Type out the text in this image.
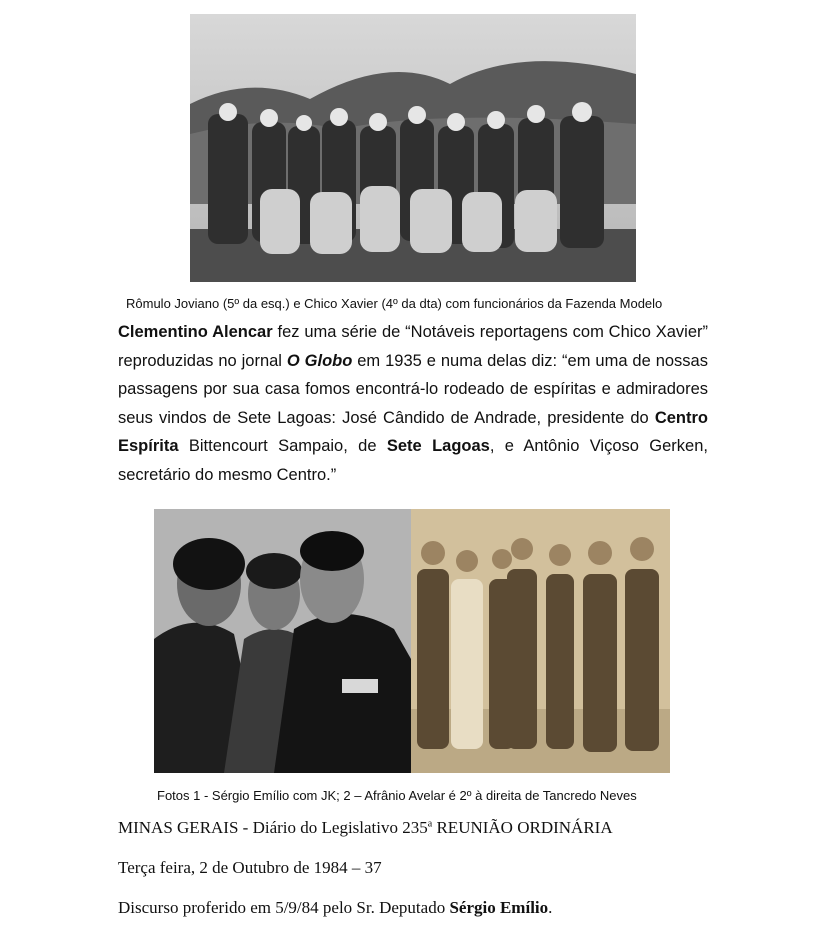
Rômulo Joviano (5º da esq.) e Chico Xavier (4º da dta) com funcionários da Fazenda Modelo
Clementino Alencar fez uma série de “Notáveis reportagens com Chico Xavier” reproduzidas no jornal O Globo em 1935 e numa delas diz: “em uma de nossas passagens por sua casa fomos encontrá-lo rodeado de espíritas e admiradores seus vindos de Sete Lagoas: José Cândido de Andrade, presidente do Centro Espírita Bittencourt Sampaio, de Sete Lagoas, e Antônio Viçoso Gerken, secretário do mesmo Centro.”
Fotos 1 - Sérgio Emílio com JK; 2 – Afrânio Avelar é 2º à direita de Tancredo Neves
MINAS GERAIS - Diário do Legislativo 235$^a$ REUNIÃO ORDINÁRIA
Terça feira, 2 de Outubro de 1984 – 37
Discurso proferido em 5/9/84 pelo Sr. Deputado Sérgio Emílio.
